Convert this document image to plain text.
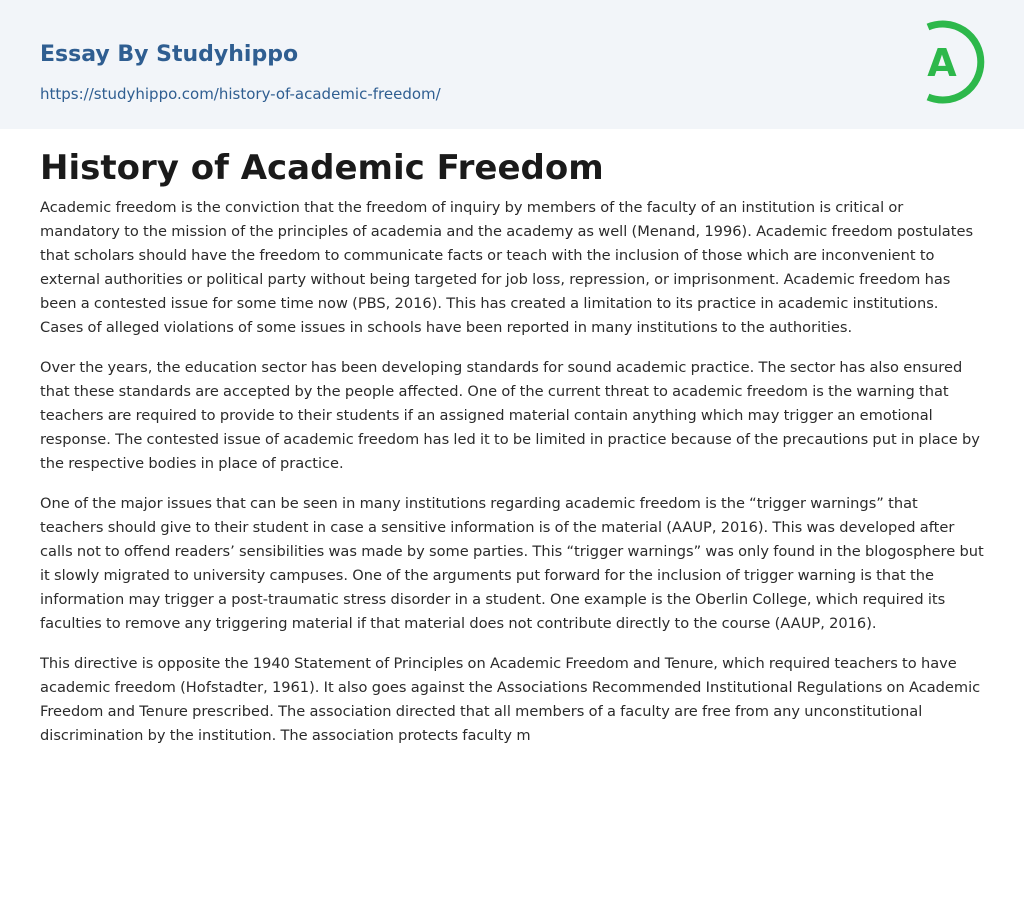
Essay By Studyhippo
https://studyhippo.com/history-of-academic-freedom/
A
History of Academic Freedom

Academic freedom is the conviction that the freedom of inquiry by members of the faculty of an institution is critical or mandatory to the mission of the principles of academia and the academy as well (Menand, 1996). Academic freedom postulates that scholars should have the freedom to communicate facts or teach with the inclusion of those which are inconvenient to external authorities or political party without being targeted for job loss, repression, or imprisonment. Academic freedom has been a contested issue for some time now (PBS, 2016). This has created a limitation to its practice in academic institutions. Cases of alleged violations of some issues in schools have been reported in many institutions to the authorities.

Over the years, the education sector has been developing standards for sound academic practice. The sector has also ensured that these standards are accepted by the people affected. One of the current threat to academic freedom is the warning that teachers are required to provide to their students if an assigned material contain anything which may trigger an emotional response. The contested issue of academic freedom has led it to be limited in practice because of the precautions put in place by the respective bodies in place of practice.

One of the major issues that can be seen in many institutions regarding academic freedom is the “trigger warnings” that teachers should give to their student in case a sensitive information is of the material (AAUP, 2016). This was developed after calls not to offend readers’ sensibilities was made by some parties. This “trigger warnings” was only found in the blogosphere but it slowly migrated to university campuses. One of the arguments put forward for the inclusion of trigger warning is that the information may trigger a post-traumatic stress disorder in a student. One example is the Oberlin College, which required its faculties to remove any triggering material if that material does not contribute directly to the course (AAUP, 2016).

This directive is opposite the 1940 Statement of Principles on Academic Freedom and Tenure, which required teachers to have academic freedom (Hofstadter, 1961). It also goes against the Associations Recommended Institutional Regulations on Academic Freedom and Tenure prescribed. The association directed that all members of a faculty are free from any unconstitutional discrimination by the institution. The association protects faculty m
